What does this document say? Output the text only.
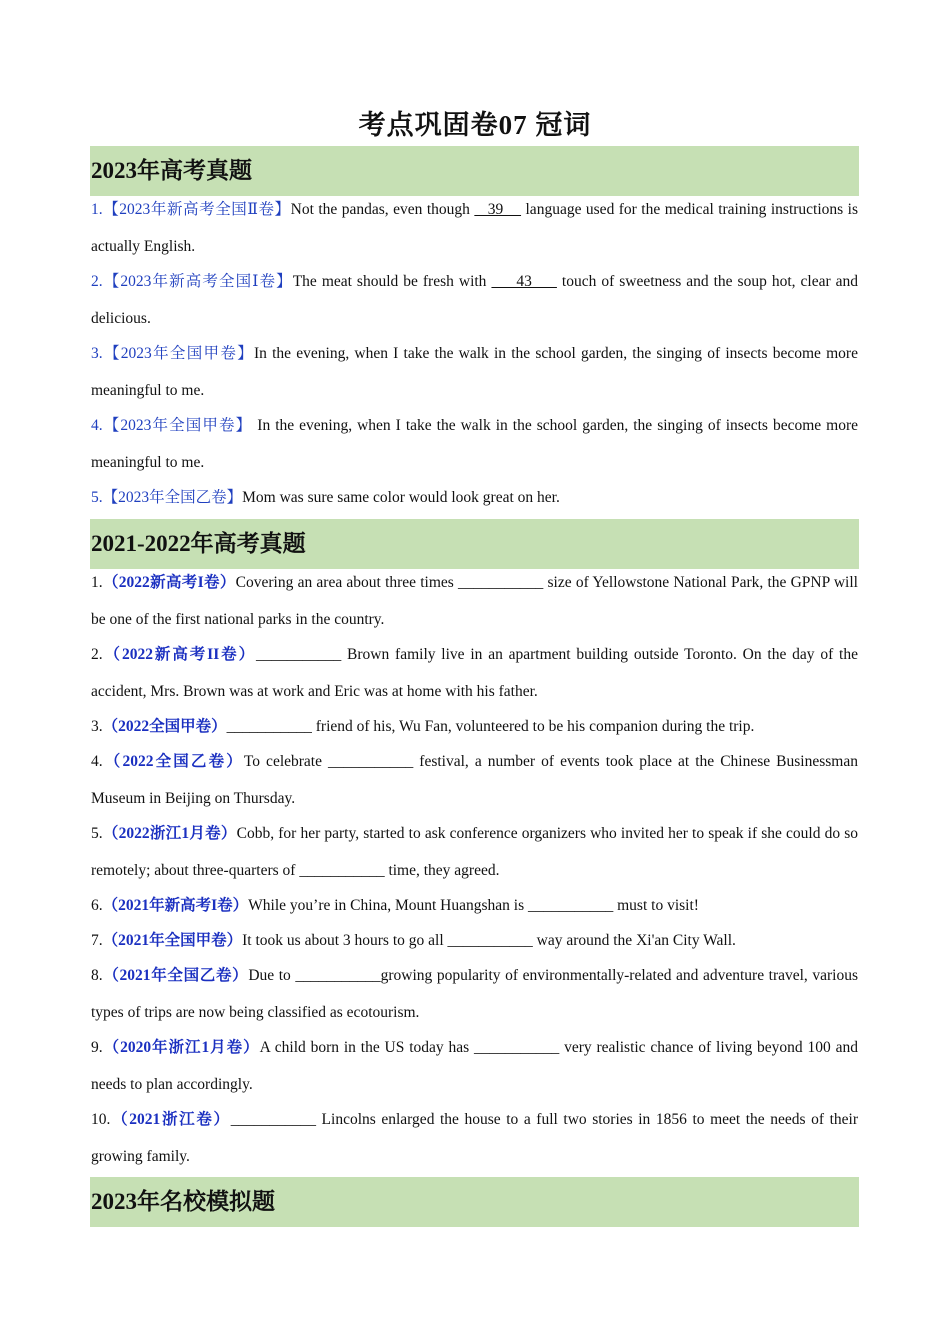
考点巩固卷07 冠词
2023年高考真题
1.【2023年新高考全国Ⅱ卷】Not the pandas, even though    39     language used for the medical training instructions is actually English.
2.【2023年新高考全国Ⅰ卷】The meat should be fresh with      43      touch of sweetness and the soup hot, clear and delicious.
3.【2023年全国甲卷】In the evening, when I take the walk in the school garden, the singing of insects become more meaningful to me.
4.【2023年全国甲卷】 In the evening, when I take the walk in the school garden, the singing of insects become more meaningful to me.
5.【2023年全国乙卷】Mom was sure same color would look great on her.
2021-2022年高考真题
1.（2022新高考I卷）Covering an area about three times ___________ size of Yellowstone National Park, the GPNP will be one of the first national parks in the country.
2.（2022新高考II卷）___________ Brown family live in an apartment building outside Toronto. On the day of the accident, Mrs. Brown was at work and Eric was at home with his father.
3.（2022全国甲卷）___________ friend of his, Wu Fan, volunteered to be his companion during the trip.
4.（2022全国乙卷）To celebrate ___________ festival, a number of events took place at the Chinese Businessman Museum in Beijing on Thursday.
5.（2022浙江1月卷）Cobb, for her party, started to ask conference organizers who invited her to speak if she could do so remotely; about three-quarters of ___________ time, they agreed.
6.（2021年新高考I卷）While you’re in China, Mount Huangshan is ___________ must to visit!
7.（2021年全国甲卷）It took us about 3 hours to go all ___________ way around the Xi'an City Wall.
8.（2021年全国乙卷）Due to ___________growing popularity of environmentally-related and adventure travel, various types of trips are now being classified as ecotourism.
9.（2020年浙江1月卷）A child born in the US today has ___________ very realistic chance of living beyond 100 and needs to plan accordingly.
10.（2021浙江卷）___________ Lincolns enlarged the house to a full two stories in 1856 to meet the needs of their growing family.
2023年名校模拟题
